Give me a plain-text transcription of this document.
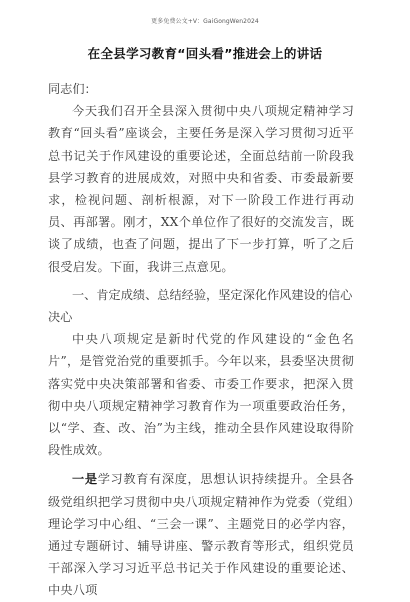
更多免费公文+V：GaiGongWen2024
在全县学习教育“回头看”推进会上的讲话

同志们：

今天我们召开全县深入贯彻中央八项规定精神学习教育“回头看”座谈会，主要任务是深入学习贯彻习近平总书记关于作风建设的重要论述，全面总结前一阶段我县学习教育的进展成效，对照中央和省委、市委最新要求，检视问题、剖析根源，对下一阶段工作进行再动员、再部署。刚才，XX个单位作了很好的交流发言，既谈了成绩，也查了问题，提出了下一步打算，听了之后很受启发。下面，我讲三点意见。

一、肯定成绩、总结经验，坚定深化作风建设的信心决心

中央八项规定是新时代党的作风建设的“金色名片”，是管党治党的重要抓手。今年以来，县委坚决贯彻落实党中央决策部署和省委、市委工作要求，把深入贯彻中央八项规定精神学习教育作为一项重要政治任务，以“学、查、改、治”为主线，推动全县作风建设取得阶段性成效。

一是学习教育有深度，思想认识持续提升。全县各级党组织把学习贯彻中央八项规定精神作为党委（党组）理论学习中心组、“三会一课”、主题党日的必学内容，通过专题研讨、辅导讲座、警示教育等形式，组织党员干部深入学习习近平总书记关于作风建设的重要论述、中央八项
